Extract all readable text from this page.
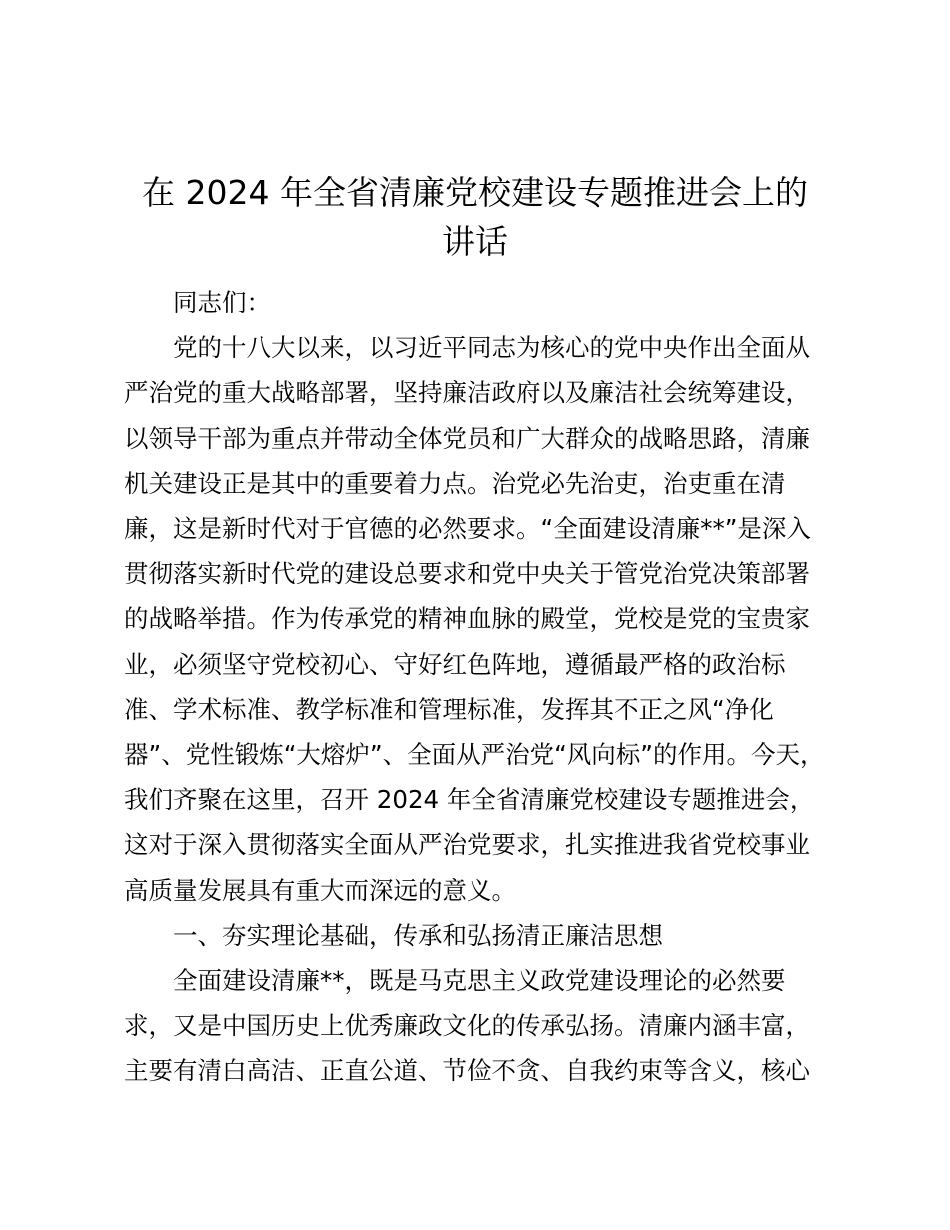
在 2024 年全省清廉党校建设专题推进会上的
讲话
同志们：
党的十八大以来，以习近平同志为核心的党中央作出全面从
严治党的重大战略部署，坚持廉洁政府以及廉洁社会统筹建设，
以领导干部为重点并带动全体党员和广大群众的战略思路，清廉
机关建设正是其中的重要着力点。治党必先治吏，治吏重在清
廉，这是新时代对于官德的必然要求。“全面建设清廉**”是深入
贯彻落实新时代党的建设总要求和党中央关于管党治党决策部署
的战略举措。作为传承党的精神血脉的殿堂，党校是党的宝贵家
业，必须坚守党校初心、守好红色阵地，遵循最严格的政治标
准、学术标准、教学标准和管理标准，发挥其不正之风“净化
器”、党性锻炼“大熔炉”、全面从严治党“风向标”的作用。今天，
我们齐聚在这里，召开 2024 年全省清廉党校建设专题推进会，
这对于深入贯彻落实全面从严治党要求，扎实推进我省党校事业
高质量发展具有重大而深远的意义。
一、夯实理论基础，传承和弘扬清正廉洁思想
全面建设清廉**，既是马克思主义政党建设理论的必然要
求，又是中国历史上优秀廉政文化的传承弘扬。清廉内涵丰富，
主要有清白高洁、正直公道、节俭不贪、自我约束等含义，核心
